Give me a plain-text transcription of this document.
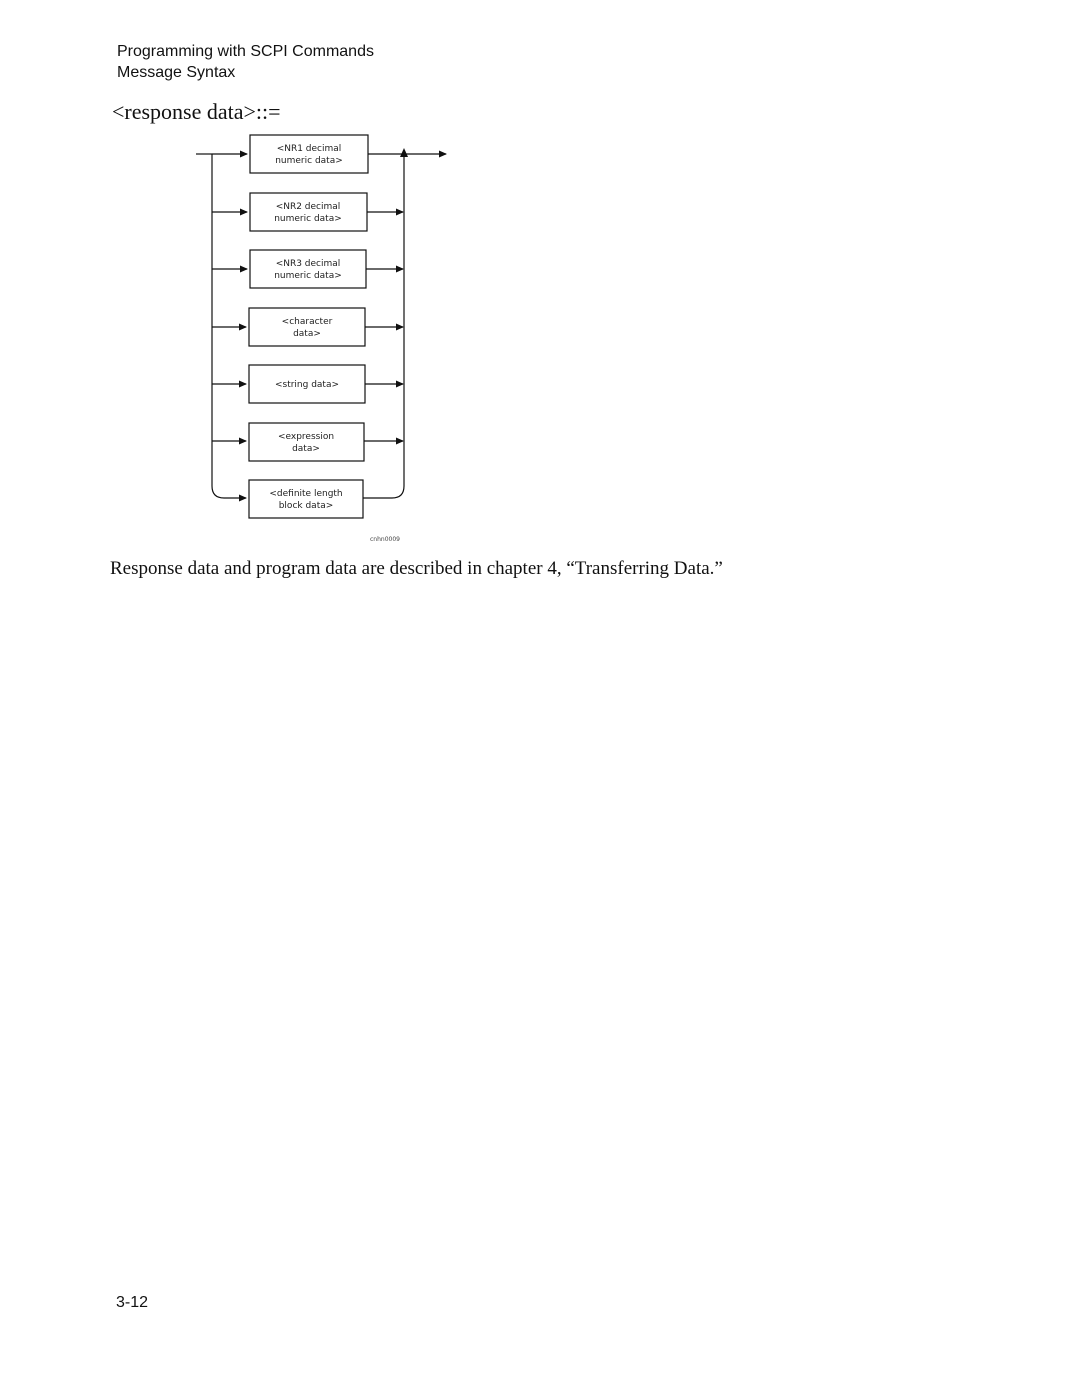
Programming with SCPI Commands
Message Syntax
<response data>::=
<NR1 decimal
numeric data>
<NR2 decimal
numeric data>
<NR3 decimal
numeric data>
<character
data>
<string data>
<expression
data>
<definite length
block data>
cnhn0009
Response data and program data are described in chapter 4, “Transferring Data.”
3-12
